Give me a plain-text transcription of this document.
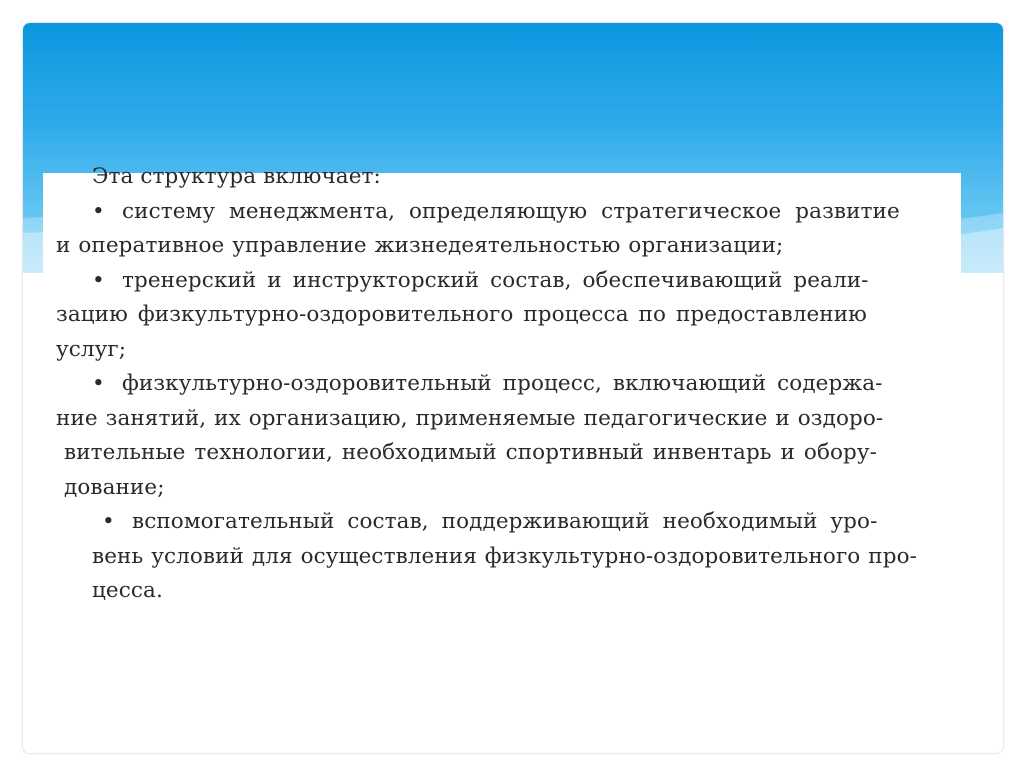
Эта структура включает:
• систему менеджмента, определяющую стратегическое развитие
и оперативное управление жизнедеятельностью организации;
• тренерский и инструкторский состав, обеспечивающий реали-
зацию физкультурно-оздоровительного процесса по предоставлению
услуг;
• физкультурно-оздоровительный процесс, включающий содержа-
ние занятий, их организацию, применяемые педагогические и оздоро-
вительные технологии, необходимый спортивный инвентарь и обору-
дование;
• вспомогательный состав, поддерживающий необходимый уро-
вень условий для осуществления физкультурно-оздоровительного про-
цесса.
